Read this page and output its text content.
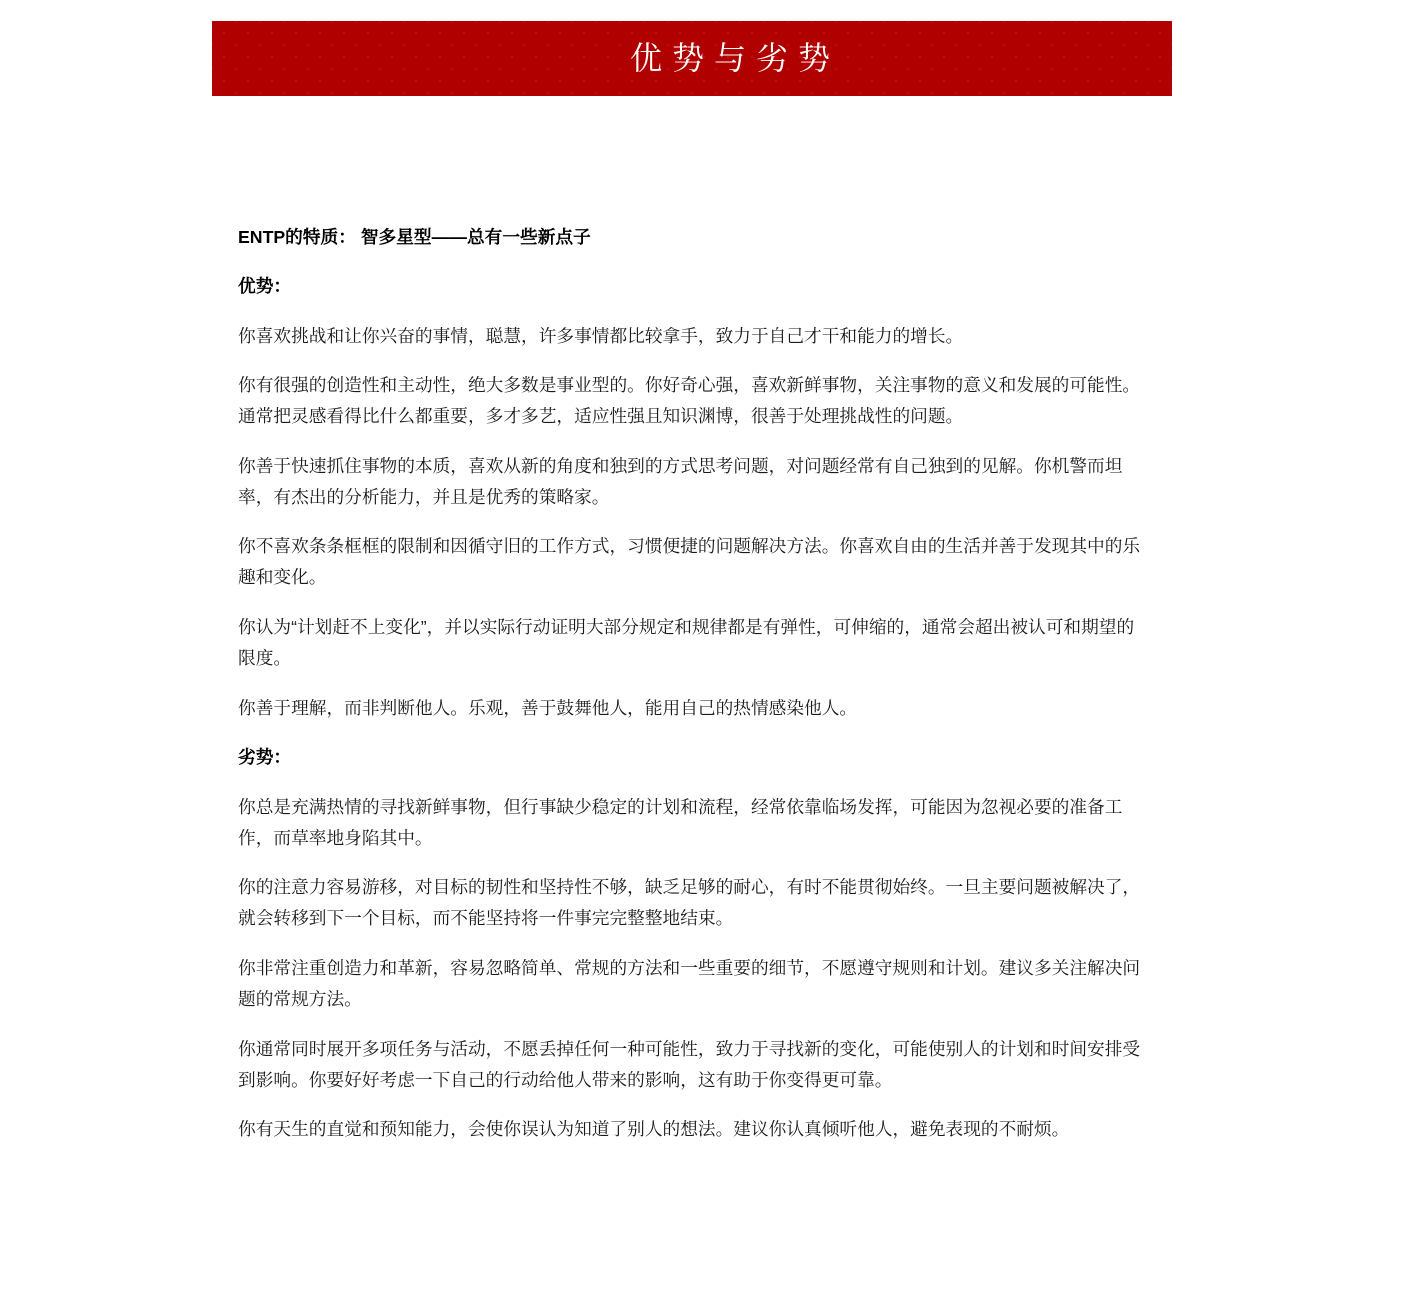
优势与劣势

ENTP的特质： 智多星型——总有一些新点子

优势：

你喜欢挑战和让你兴奋的事情，聪慧，许多事情都比较拿手，致力于自己才干和能力的增长。

你有很强的创造性和主动性，绝大多数是事业型的。你好奇心强，喜欢新鲜事物，关注事物的意义和发展的可能性。通常把灵感看得比什么都重要，多才多艺，适应性强且知识渊博，很善于处理挑战性的问题。

你善于快速抓住事物的本质，喜欢从新的角度和独到的方式思考问题，对问题经常有自己独到的见解。你机警而坦率，有杰出的分析能力，并且是优秀的策略家。

你不喜欢条条框框的限制和因循守旧的工作方式，习惯便捷的问题解决方法。你喜欢自由的生活并善于发现其中的乐趣和变化。

你认为“计划赶不上变化”，并以实际行动证明大部分规定和规律都是有弹性，可伸缩的，通常会超出被认可和期望的限度。

你善于理解，而非判断他人。乐观，善于鼓舞他人，能用自己的热情感染他人。

劣势：

你总是充满热情的寻找新鲜事物，但行事缺少稳定的计划和流程，经常依靠临场发挥，可能因为忽视必要的准备工作，而草率地身陷其中。

你的注意力容易游移，对目标的韧性和坚持性不够，缺乏足够的耐心，有时不能贯彻始终。一旦主要问题被解决了，就会转移到下一个目标，而不能坚持将一件事完完整整地结束。

你非常注重创造力和革新，容易忽略简单、常规的方法和一些重要的细节，不愿遵守规则和计划。建议多关注解决问题的常规方法。

你通常同时展开多项任务与活动，不愿丢掉任何一种可能性，致力于寻找新的变化，可能使别人的计划和时间安排受到影响。你要好好考虑一下自己的行动给他人带来的影响，这有助于你变得更可靠。

你有天生的直觉和预知能力，会使你误认为知道了别人的想法。建议你认真倾听他人，避免表现的不耐烦。
